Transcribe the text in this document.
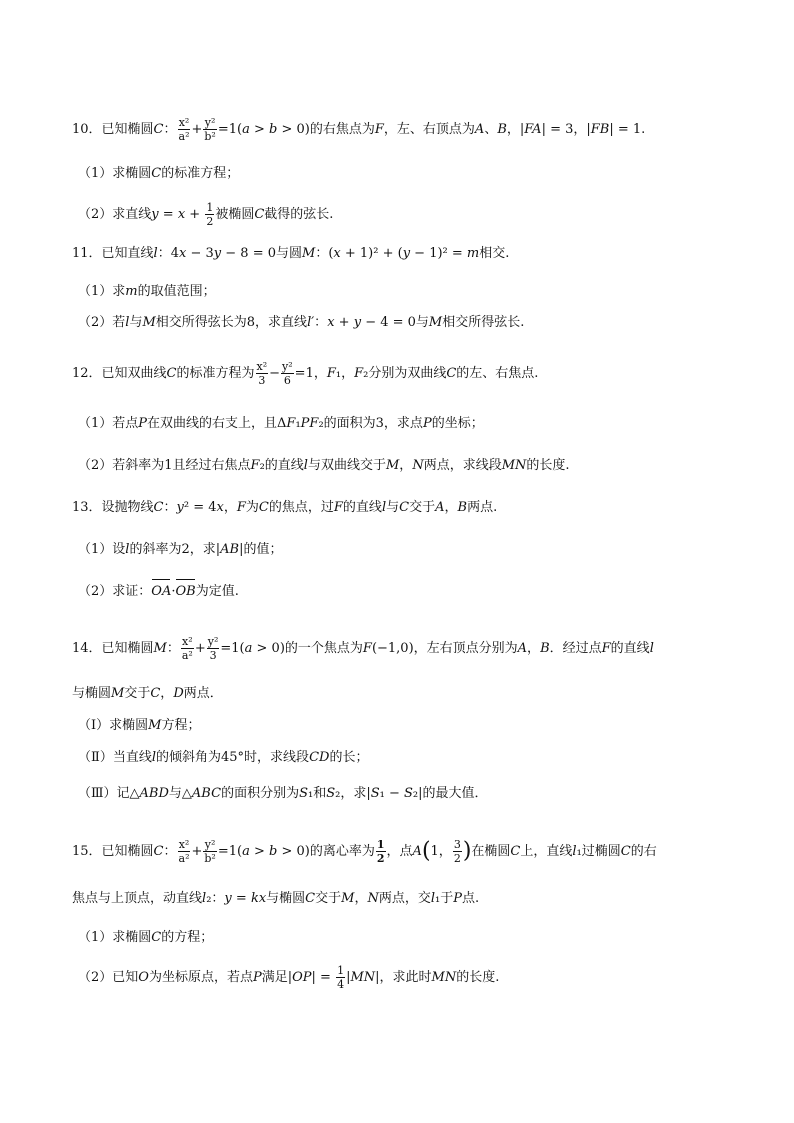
10．已知椭圆C： $\frac{\text{x²}}{\text{a²}} + \frac{\text{y²}}{\text{b²}} =1(a > b > 0)$的右焦点为F，左、右顶点为A、B，|FA| = 3，|FB| = 1.
（1）求椭圆C的标准方程；
（2）求直线$y = x + \frac{1}{2}$ 被椭圆C截得的弦长.
11．已知直线l：4x − 3y − 8 = 0与圆M：(x + 1)² + (y − 1)² = m相交.
（1）求m的取值范围；
（2）若l与M相交所得弦长为8，求直线l′：x + y − 4 = 0与M相交所得弦长.
12．已知双曲线C的标准方程为 $\frac{\text{x²}}{3} - \frac{\text{y²}}{6} =1$，F₁，F₂分别为双曲线C的左、右焦点.
（1）若点P在双曲线的右支上，且ΔF₁PF₂的面积为3，求点P的坐标；
（2）若斜率为1且经过右焦点F₂的直线l与双曲线交于M，N两点，求线段MN的长度.
13．设抛物线C：y² = 4x，F为C的焦点，过F的直线l与C交于A，B两点.
（1）设l的斜率为2，求|AB|的值；
（2）求证：OA·OB为定值.
14．已知椭圆M： $\frac{\text{x²}}{\text{a²}} + \frac{\text{y²}}{3} =1(a > 0)$的一个焦点为F(−1,0)，左右顶点分别为A，B．经过点F的直线l
与椭圆M交于C，D两点．
（Ⅰ）求椭圆M方程；
（Ⅱ）当直线l的倾斜角为45°时，求线段CD的长；
（Ⅲ）记△ABD与△ABC的面积分别为S₁和S₂，求|S₁ − S₂|的最大值．
15．已知椭圆C： $\frac{\text{x²}}{\text{a²}} + \frac{\text{y²}}{\text{b²}} =1(a > b > 0)$的离心率为 $\frac{1}{2}$ ，点A(1， $\frac{3}{2}$ )在椭圆C上，直线l₁过椭圆C的右
焦点与上顶点，动直线l₂：y = kx与椭圆C交于M，N两点，交l₁于P点.
（1）求椭圆C的方程；
（2）已知O为坐标原点，若点P满足$|OP| = \frac{1}{4} |MN|$，求此时MN的长度.
